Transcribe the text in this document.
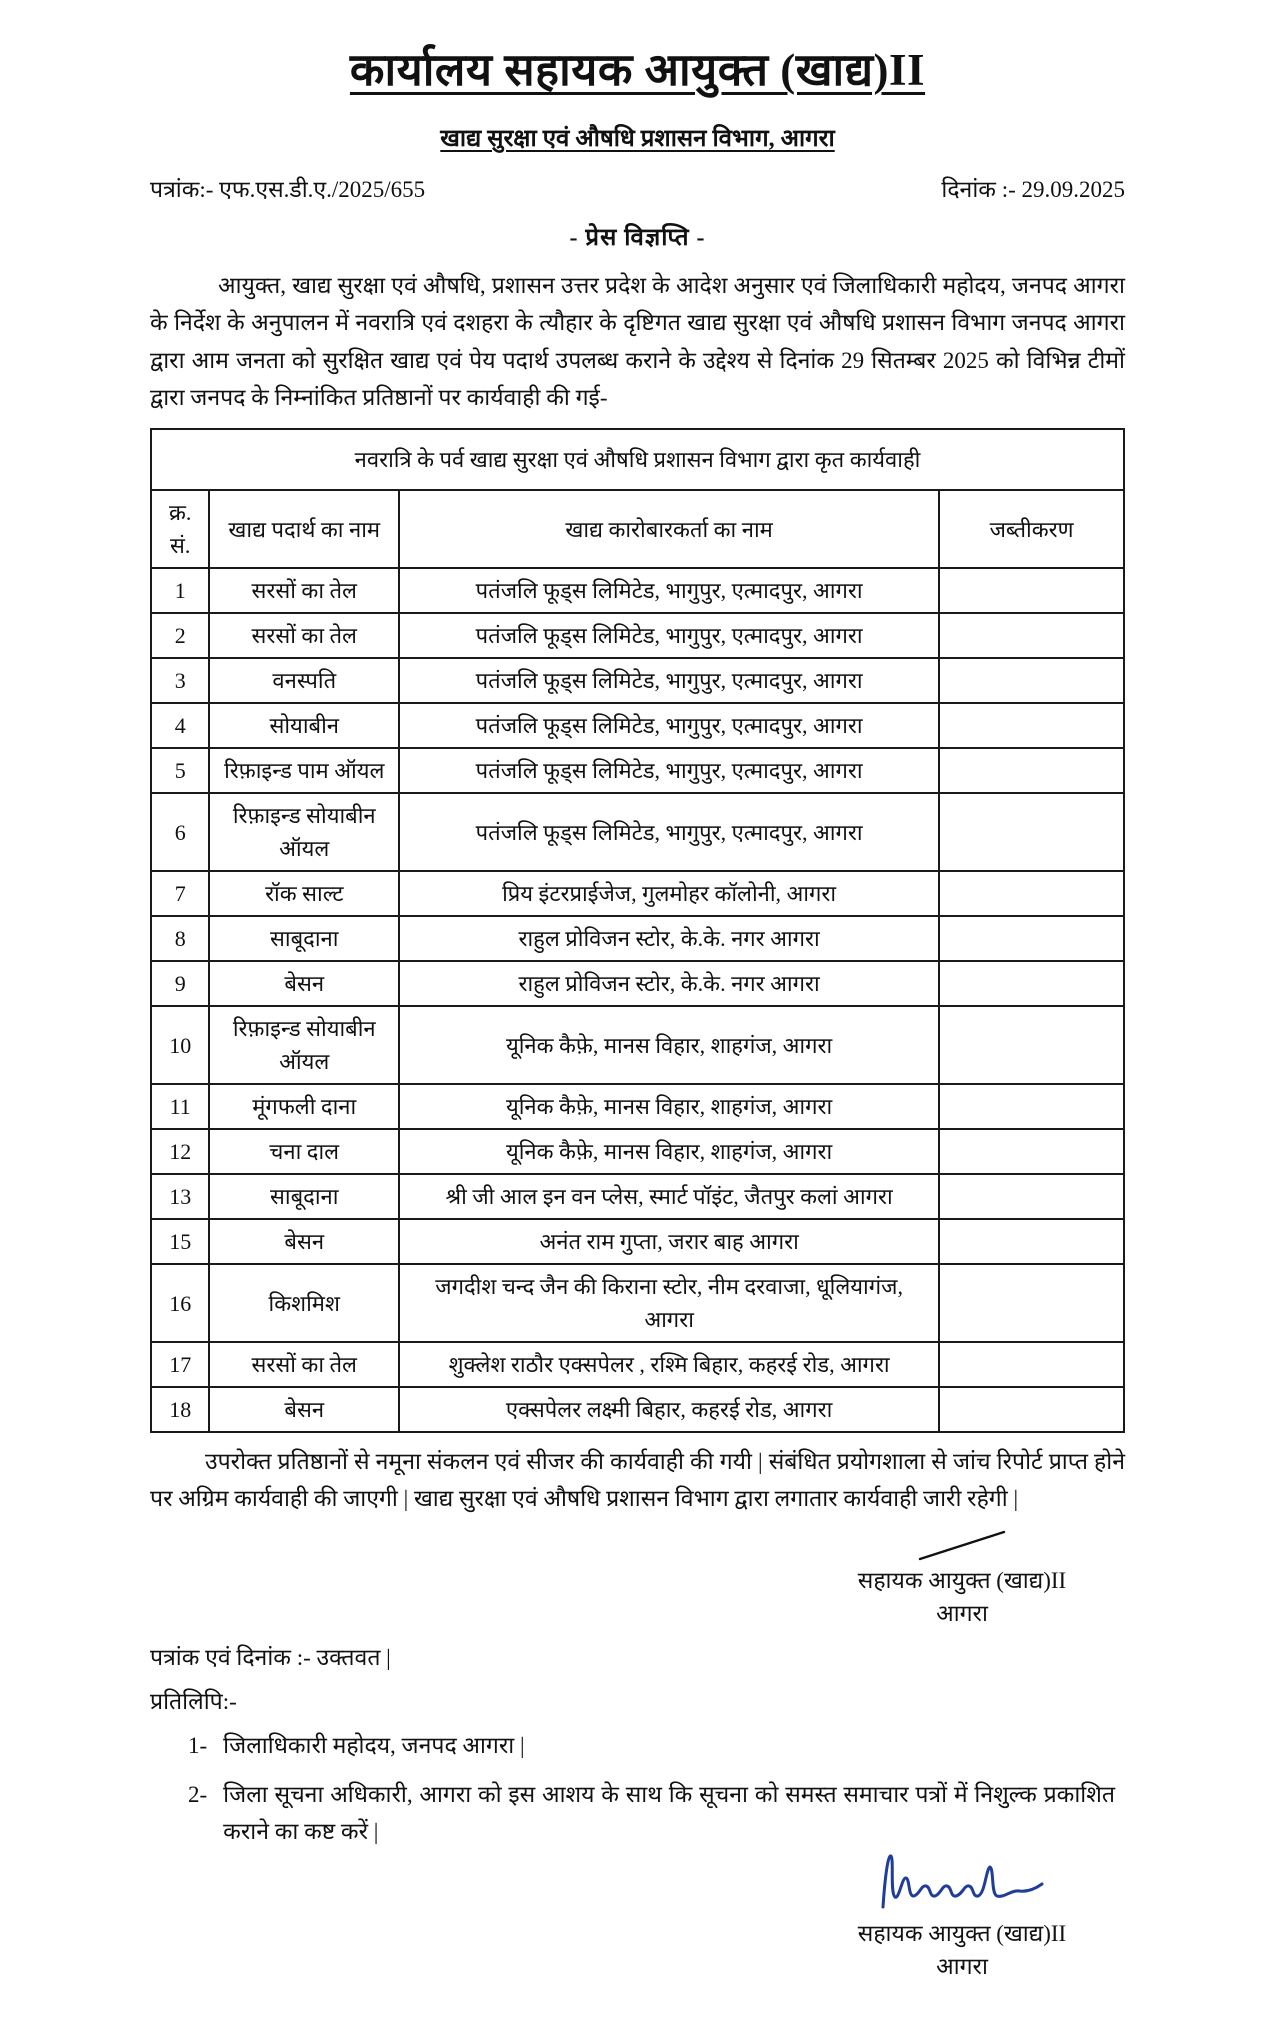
कार्यालय सहायक आयुक्त (खाद्य)II
खाद्य सुरक्षा एवं औषधि प्रशासन विभाग, आगरा
पत्रांक:- एफ.एस.डी.ए./2025/655	दिनांक :- 29.09.2025
- प्रेस विज्ञप्ति -

आयुक्त, खाद्य सुरक्षा एवं औषधि, प्रशासन उत्तर प्रदेश के आदेश अनुसार एवं जिलाधिकारी महोदय, जनपद आगरा के निर्देश के अनुपालन में नवरात्रि एवं दशहरा के त्यौहार के दृष्टिगत खाद्य सुरक्षा एवं औषधि प्रशासन विभाग जनपद आगरा द्वारा आम जनता को सुरक्षित खाद्य एवं पेय पदार्थ उपलब्ध कराने के उद्देश्य से दिनांक 29 सितम्बर 2025 को विभिन्न टीमों द्वारा जनपद के निम्नांकित प्रतिष्ठानों पर कार्यवाही की गई-

नवरात्रि के पर्व खाद्य सुरक्षा एवं औषधि प्रशासन विभाग द्वारा कृत कार्यवाही			
क्र. सं.	खाद्य पदार्थ का नाम	खाद्य कारोबारकर्ता का नाम	जब्तीकरण
1	सरसों का तेल	पतंजलि फूड्स लिमिटेड, भागुपुर, एत्मादपुर, आगरा	
2	सरसों का तेल	पतंजलि फूड्स लिमिटेड, भागुपुर, एत्मादपुर, आगरा	
3	वनस्पति	पतंजलि फूड्स लिमिटेड, भागुपुर, एत्मादपुर, आगरा	
4	सोयाबीन	पतंजलि फूड्स लिमिटेड, भागुपुर, एत्मादपुर, आगरा	
5	रिफ़ाइन्ड पाम ऑयल	पतंजलि फूड्स लिमिटेड, भागुपुर, एत्मादपुर, आगरा	
6	रिफ़ाइन्ड सोयाबीन ऑयल	पतंजलि फूड्स लिमिटेड, भागुपुर, एत्मादपुर, आगरा	
7	रॉक साल्ट	प्रिय इंटरप्राईजेज, गुलमोहर कॉलोनी, आगरा	
8	साबूदाना	राहुल प्रोविजन स्टोर, के.के. नगर आगरा	
9	बेसन	राहुल प्रोविजन स्टोर, के.के. नगर आगरा	
10	रिफ़ाइन्ड सोयाबीन ऑयल	यूनिक कैफ़े, मानस विहार, शाहगंज, आगरा	
11	मूंगफली दाना	यूनिक कैफ़े, मानस विहार, शाहगंज, आगरा	
12	चना दाल	यूनिक कैफ़े, मानस विहार, शाहगंज, आगरा	
13	साबूदाना	श्री जी आल इन वन प्लेस, स्मार्ट पॉइंट, जैतपुर कलां आगरा	
15	बेसन	अनंत राम गुप्ता, जरार बाह आगरा	
16	किशमिश	जगदीश चन्द जैन की किराना स्टोर, नीम दरवाजा, धूलियागंज, आगरा	
17	सरसों का तेल	शुक्लेश राठौर एक्सपेलर , रश्मि बिहार, कहरई रोड, आगरा	
18	बेसन	एक्सपेलर लक्ष्मी बिहार, कहरई रोड, आगरा	

उपरोक्त प्रतिष्ठानों से नमूना संकलन एवं सीजर की कार्यवाही की गयी | संबंधित प्रयोगशाला से जांच रिपोर्ट प्राप्त होने पर अग्रिम कार्यवाही की जाएगी | खाद्य सुरक्षा एवं औषधि प्रशासन विभाग द्वारा लगातार कार्यवाही जारी रहेगी |

सहायक आयुक्त (खाद्य)II
आगरा
पत्रांक एवं दिनांक :- उक्तवत |
प्रतिलिपि:-
1- जिलाधिकारी महोदय, जनपद आगरा |
2- जिला सूचना अधिकारी, आगरा को इस आशय के साथ कि सूचना को समस्त समाचार पत्रों में निशुल्क प्रकाशित कराने का कष्ट करें |
सहायक आयुक्त (खाद्य)II
आगरा
